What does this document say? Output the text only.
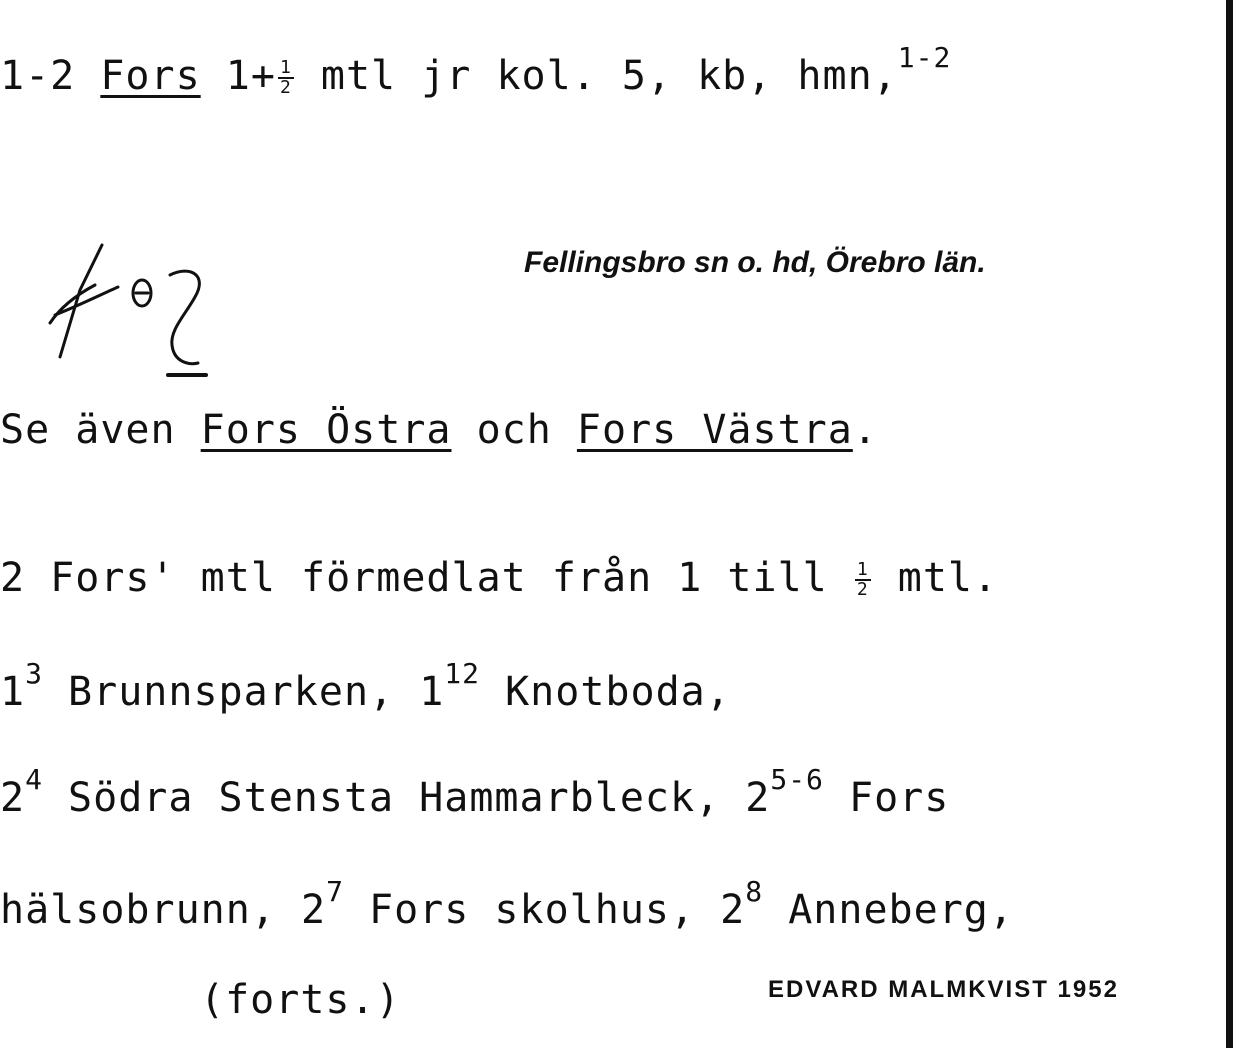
1-2 Fors $1+ \frac{1}{2}$ mtl jr kol. 5, kb, hmn,$^{1-2}$
Fellingsbro sn o. hd, Örebro län.
Se även Fors Östra och Fors Västra.
2 Fors' mtl förmedlat från 1 till $\frac{1}{2}$ mtl.
$1^3$ Brunnsparken, $1^{12}$ Knotboda,
$2^4$ Södra Stensta Hammarbleck, 2$^{5-6}$ Fors
hälsobrunn, $2^7$ Fors skolhus, $2^8$ Anneberg,
(forts.)	EDVARD MALMKVIST 1952
